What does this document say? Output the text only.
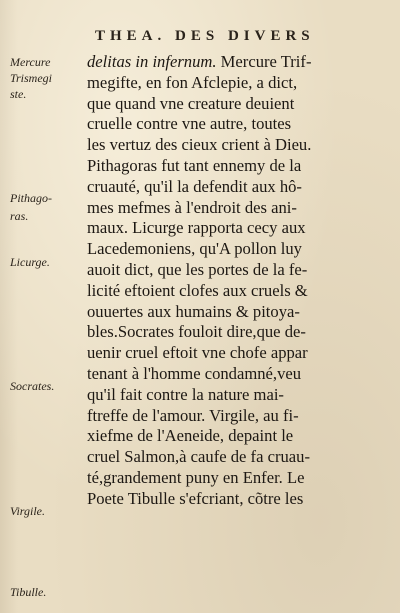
THEA. DES DIVERS
Mercure
Trismegi
ste.
Pithago-
ras.
Licurge.
Socrates.
Virgile.
Tibulle.
delitas in infernum. Mercure Trif-
megifte, en fon Afclepie, a dict,
que quand vne creature deuient
cruelle contre vne autre, toutes
les vertuz des cieux crient à Dieu.
Pithagoras fut tant ennemy de la
cruauté, qu'il la defendit aux hô-
mes mefmes à l'endroit des ani-
maux. Licurge rapporta cecy aux
Lacedemoniens, qu'A pollon luy
auoit dict, que les portes de la fe-
licité eftoient clofes aux cruels &
ouuertes aux humains & pitoya-
bles.Socrates fouloit dire,que de-
uenir cruel eftoit vne chofe appar
tenant à l'homme condamné,veu
qu'il fait contre la nature mai-
ftreffe de l'amour. Virgile, au fi-
xiefme de l'Aeneide, depaint le
cruel Salmon,à caufe de fa cruau-
té,grandement puny en Enfer. Le
Poete Tibulle s'efcriant, cõtre les
